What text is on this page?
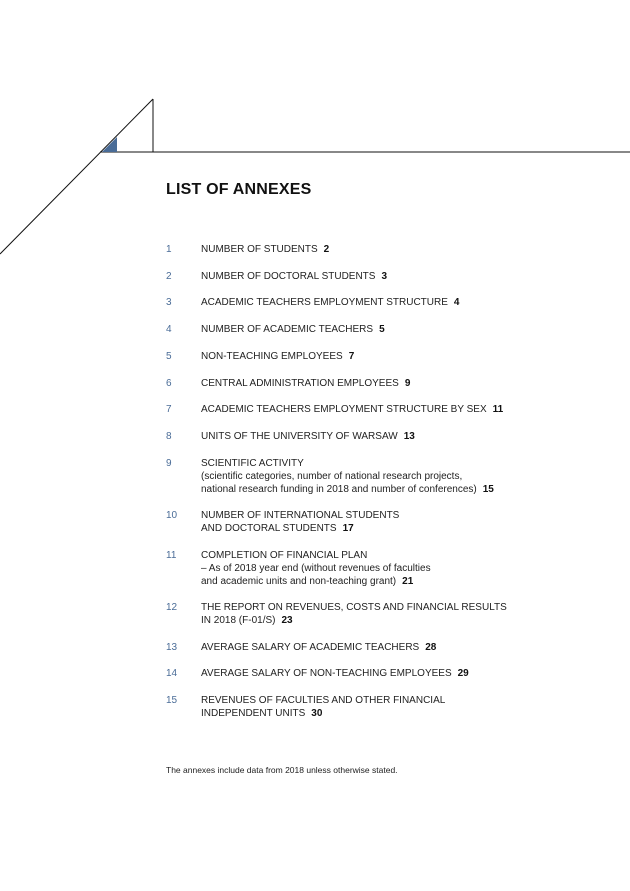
LIST OF ANNEXES
1	NUMBER OF STUDENTS 2
2	NUMBER OF DOCTORAL STUDENTS 3
3	ACADEMIC TEACHERS EMPLOYMENT STRUCTURE 4
4	NUMBER OF ACADEMIC TEACHERS 5
5	NON-TEACHING EMPLOYEES 7
6	CENTRAL ADMINISTRATION EMPLOYEES 9
7	ACADEMIC TEACHERS EMPLOYMENT STRUCTURE BY SEX 11
8	UNITS OF THE UNIVERSITY OF WARSAW 13
9	SCIENTIFIC ACTIVITY
(scientific categories, number of national research projects,
national research funding in 2018 and number of conferences) 15
10	NUMBER OF INTERNATIONAL STUDENTS
AND DOCTORAL STUDENTS 17
11	COMPLETION OF FINANCIAL PLAN
– As of 2018 year end (without revenues of faculties
and academic units and non-teaching grant) 21
12	THE REPORT ON REVENUES, COSTS AND FINANCIAL RESULTS
IN 2018 (F-01/S) 23
13	AVERAGE SALARY OF ACADEMIC TEACHERS 28
14	AVERAGE SALARY OF NON-TEACHING EMPLOYEES 29
15	REVENUES OF FACULTIES AND OTHER FINANCIAL
INDEPENDENT UNITS 30
The annexes include data from 2018 unless otherwise stated.
